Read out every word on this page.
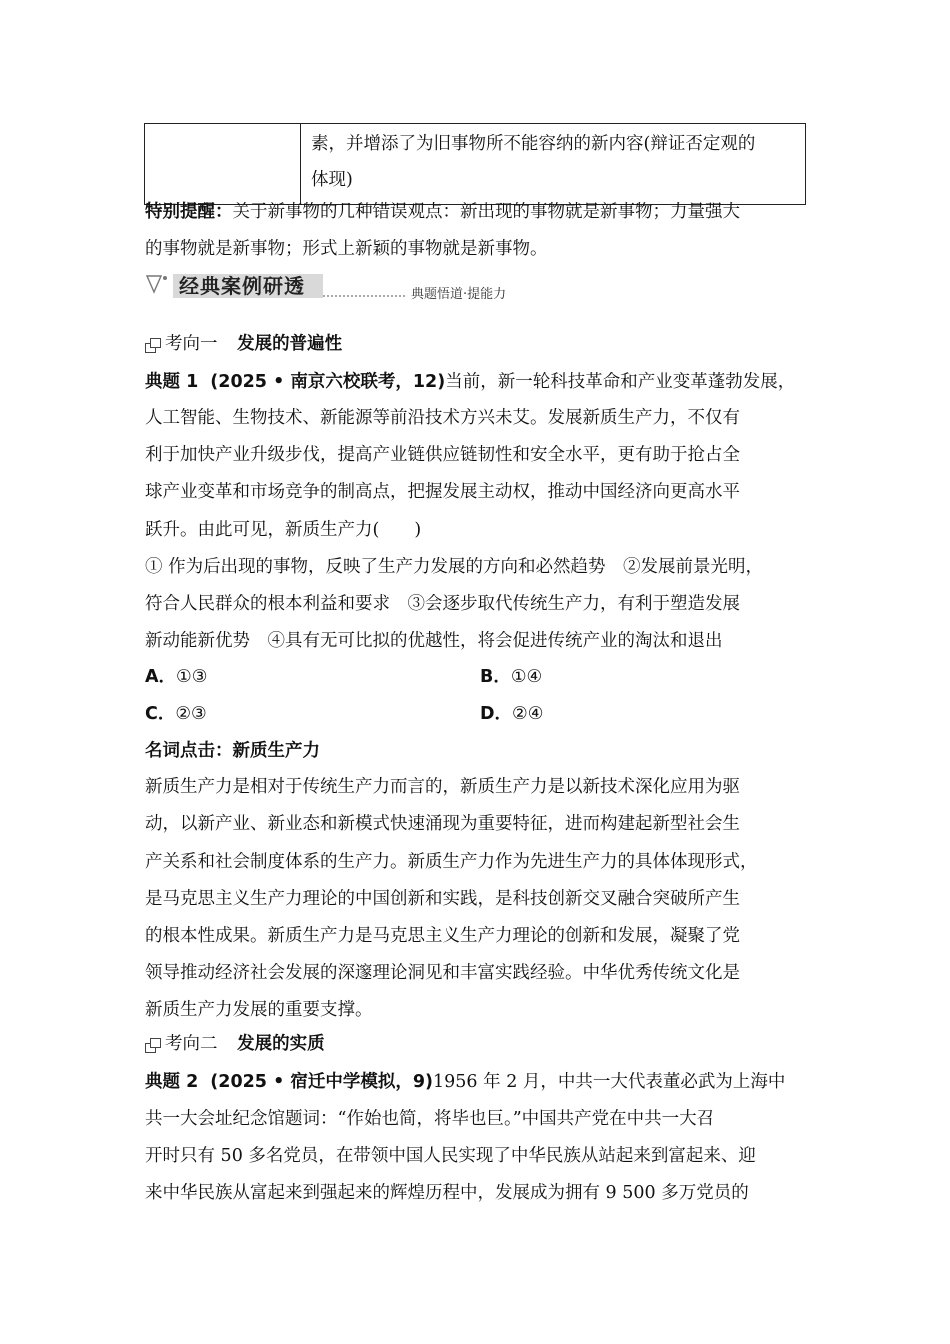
素，并增添了为旧事物所不能容纳的新内容(辩证否定观的
体现)
特别提醒：关于新事物的几种错误观点：新出现的事物就是新事物；力量强大
的事物就是新事物；形式上新颖的事物就是新事物。
经典案例研透	典题悟道·提能力
考向一 发展的普遍性
典题 1 (2025 • 南京六校联考，12)当前，新一轮科技革命和产业变革蓬勃发展，
人工智能、生物技术、新能源等前沿技术方兴未艾。发展新质生产力，不仅有
利于加快产业升级步伐，提高产业链供应链韧性和安全水平，更有助于抢占全
球产业变革和市场竞争的制高点，把握发展主动权，推动中国经济向更高水平
跃升。由此可见，新质生产力(　　)
① 作为后出现的事物，反映了生产力发展的方向和必然趋势　②发展前景光明，
符合人民群众的根本利益和要求　③会逐步取代传统生产力，有利于塑造发展
新动能新优势　④具有无可比拟的优越性，将会促进传统产业的淘汰和退出
A．①③	B．①④
C．②③	D．②④
名词点击：新质生产力
新质生产力是相对于传统生产力而言的，新质生产力是以新技术深化应用为驱
动，以新产业、新业态和新模式快速涌现为重要特征，进而构建起新型社会生
产关系和社会制度体系的生产力。新质生产力作为先进生产力的具体体现形式，
是马克思主义生产力理论的中国创新和实践，是科技创新交叉融合突破所产生
的根本性成果。新质生产力是马克思主义生产力理论的创新和发展，凝聚了党
领导推动经济社会发展的深邃理论洞见和丰富实践经验。中华优秀传统文化是
新质生产力发展的重要支撑。
考向二 发展的实质
典题 2 (2025 • 宿迁中学模拟，9)1956 年 2 月，中共一大代表董必武为上海中
共一大会址纪念馆题词：“作始也简，将毕也巨。”中国共产党在中共一大召
开时只有 50 多名党员，在带领中国人民实现了中华民族从站起来到富起来、迎
来中华民族从富起来到强起来的辉煌历程中，发展成为拥有 9 500 多万党员的
